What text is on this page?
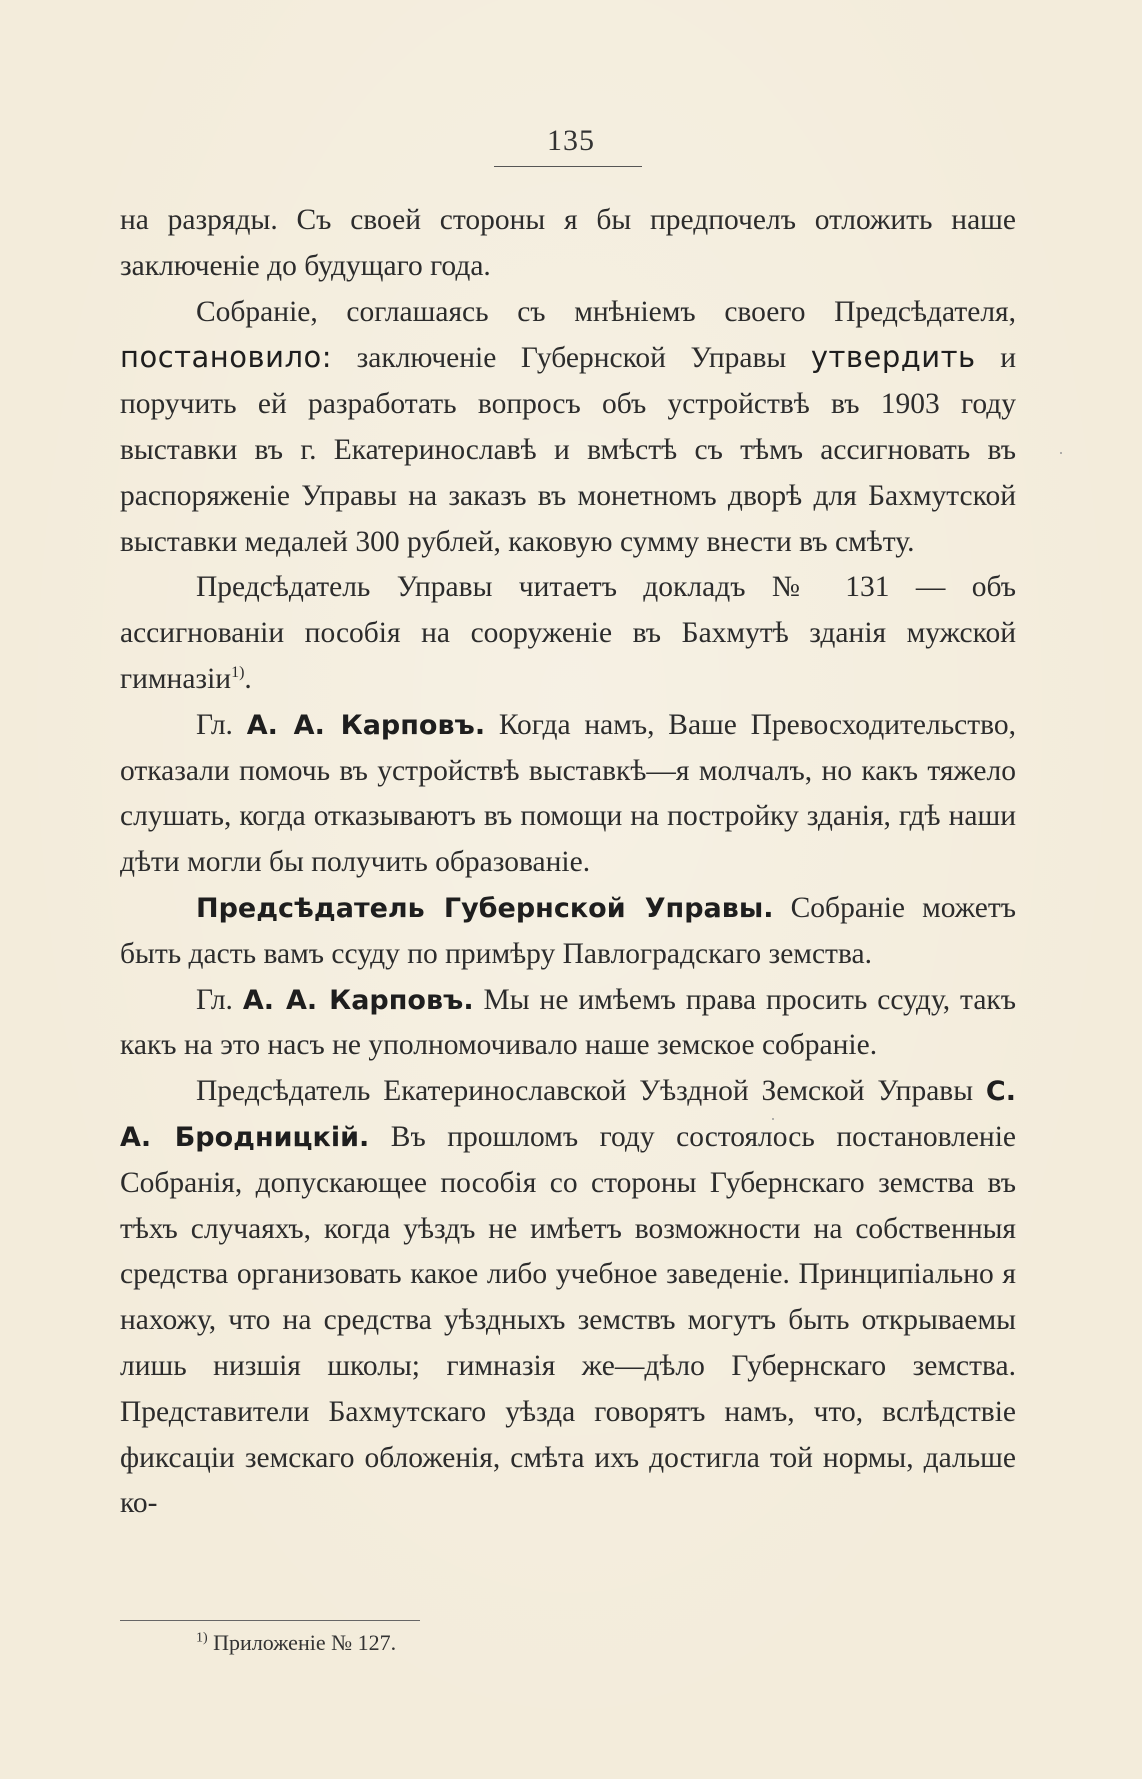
135

на разряды. Съ своей стороны я бы предпочелъ отложить наше заключеніе до будущаго года.

Собраніе, соглашаясь съ мнѣніемъ своего Предсѣдателя, постановило: заключеніе Губернской Управы утвердить и поручить ей разработать вопросъ объ устройствѣ въ 1903 году выставки въ г. Екатеринославѣ и вмѣстѣ съ тѣмъ ассигновать въ распоряженіе Управы на заказъ въ монетномъ дворѣ для Бахмутской выставки медалей 300 рублей, каковую сумму внести въ смѣту.

Предсѣдатель Управы читаетъ докладъ № 131 — объ ассигнованіи пособія на сооруженіе въ Бахмутѣ зданія мужской гимназіи$^{1)}$.

Гл. А. А. Карповъ. Когда намъ, Ваше Превосходительство, отказали помочь въ устройствѣ выставкѣ—я молчалъ, но какъ тяжело слушать, когда отказываютъ въ помощи на постройку зданія, гдѣ наши дѣти могли бы получить образованіе.

Предсѣдатель Губернской Управы. Собраніе можетъ быть дасть вамъ ссуду по примѣру Павлоградскаго земства.

Гл. А. А. Карповъ. Мы не имѣемъ права просить ссуду, такъ какъ на это насъ не уполномочивало наше земское собраніе.

Предсѣдатель Екатеринославской Уѣздной Земской Управы С. А. Бродницкій. Въ прошломъ году состоялось постановленіе Собранія, допускающее пособія со стороны Губернскаго земства въ тѣхъ случаяхъ, когда уѣздъ не имѣетъ возможности на собственныя средства организовать какое либо учебное заведеніе. Принципіально я нахожу, что на средства уѣздныхъ земствъ могутъ быть открываемы лишь низшія школы; гимназія же—дѣло Губернскаго земства. Представители Бахмутскаго уѣзда говорятъ намъ, что, вслѣдствіе фиксаціи земскаго обложенія, смѣта ихъ достигла той нормы, дальше ко-

$^{1)}$ Приложеніе № 127.
